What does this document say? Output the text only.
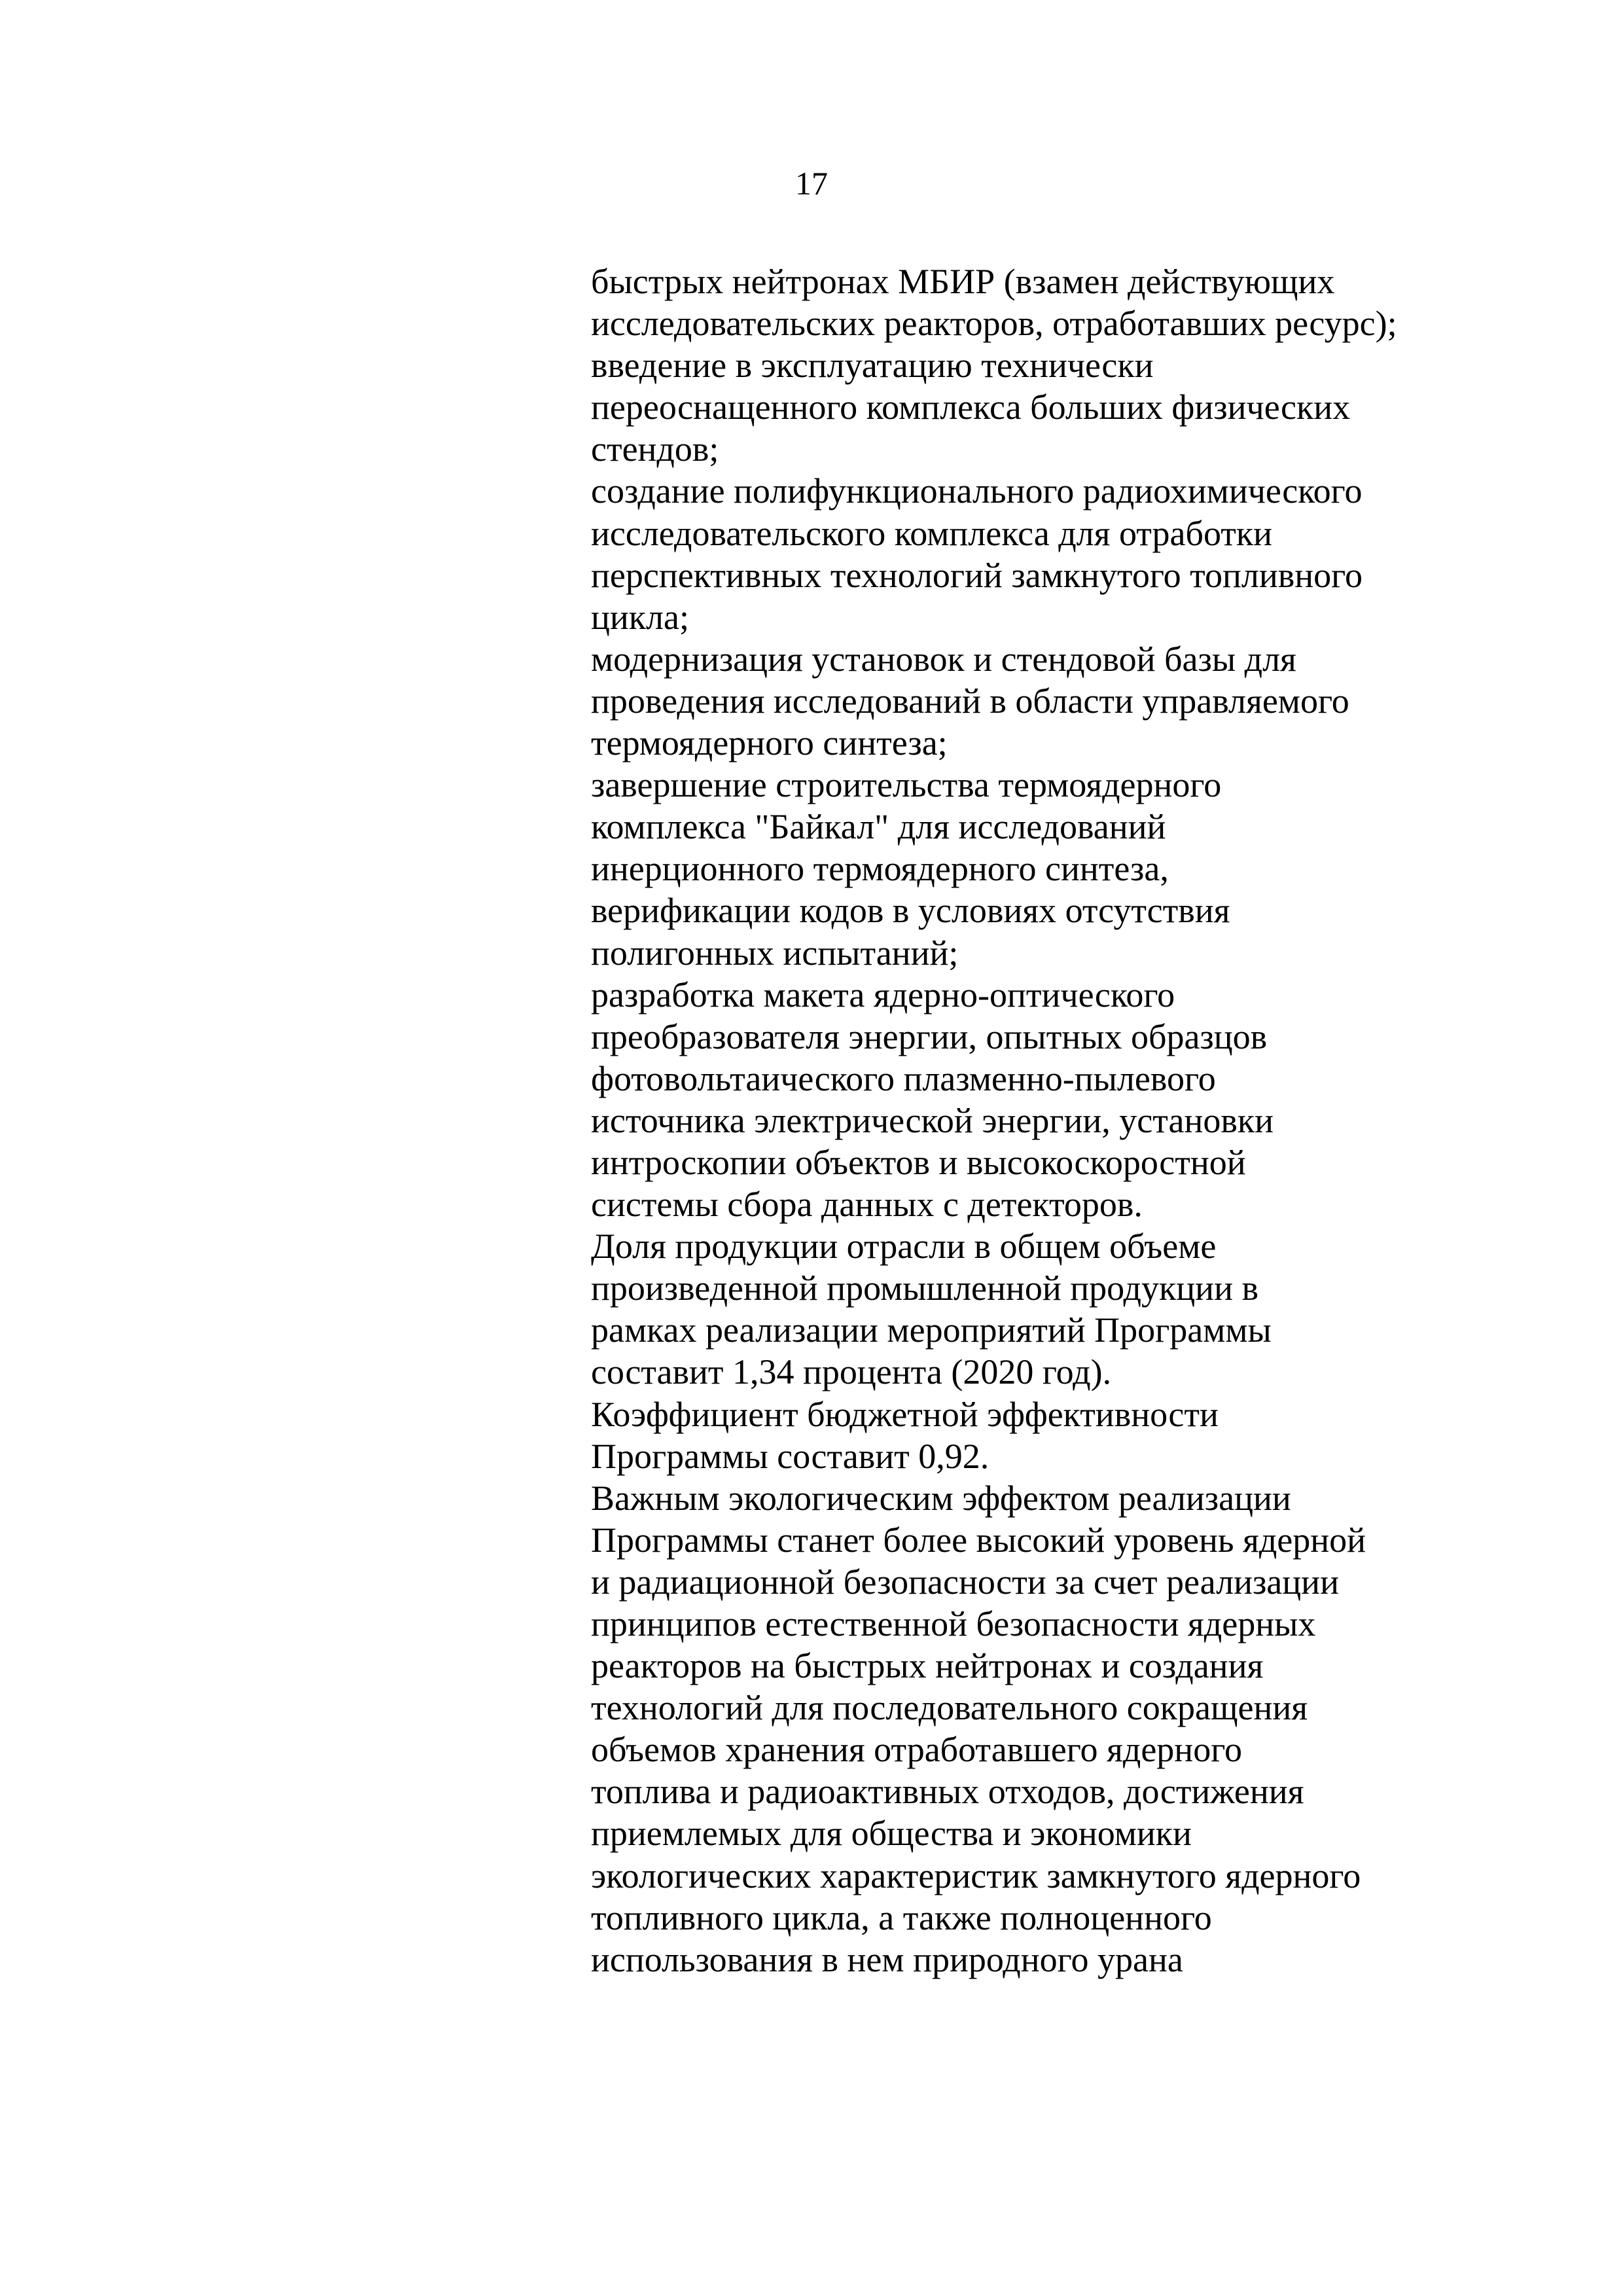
17
быстрых нейтронах МБИР (взамен действующих
исследовательских реакторов, отработавших ресурс);
введение в эксплуатацию технически
переоснащенного комплекса больших физических
стендов;
создание полифункционального радиохимического
исследовательского комплекса для отработки
перспективных технологий замкнутого топливного
цикла;
модернизация установок и стендовой базы для
проведения исследований в области управляемого
термоядерного синтеза;
завершение строительства термоядерного
комплекса "Байкал" для исследований
инерционного термоядерного синтеза,
верификации кодов в условиях отсутствия
полигонных испытаний;
разработка макета ядерно-оптического
преобразователя энергии, опытных образцов
фотовольтаического плазменно-пылевого
источника электрической энергии, установки
интроскопии объектов и высокоскоростной
системы сбора данных с детекторов.
Доля продукции отрасли в общем объеме
произведенной промышленной продукции в
рамках реализации мероприятий Программы
составит 1,34 процента (2020 год).
Коэффициент бюджетной эффективности
Программы составит 0,92.
Важным экологическим эффектом реализации
Программы станет более высокий уровень ядерной
и радиационной безопасности за счет реализации
принципов естественной безопасности ядерных
реакторов на быстрых нейтронах и создания
технологий для последовательного сокращения
объемов хранения отработавшего ядерного
топлива и радиоактивных отходов, достижения
приемлемых для общества и экономики
экологических характеристик замкнутого ядерного
топливного цикла, а также полноценного
использования в нем природного урана
